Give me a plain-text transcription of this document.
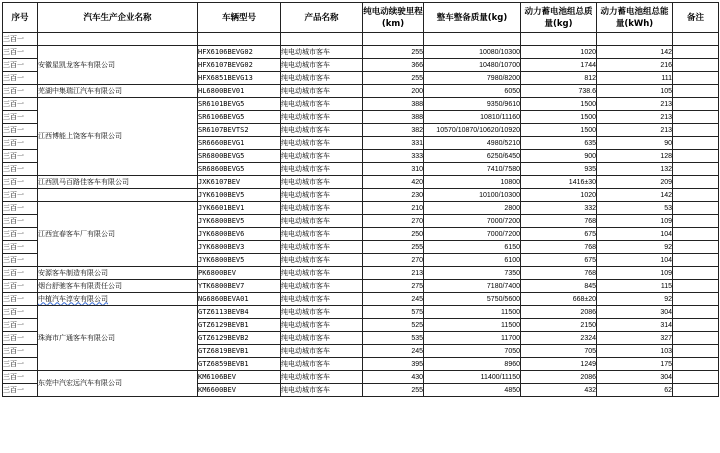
序号	汽车生产企业名称	车辆型号	产品名称	纯电动续驶里程(km)	整车整备质量(kg)	动力蓄电池组总质量(kg)	动力蓄电池组总能量(kWh)	备注
三百一								
三百一	安徽星凯龙客车有限公司	HFX6106BEVG02	纯电动城市客车	255	10080/10300	1020	142	
三百一		HFX6107BEVG02	纯电动城市客车	366	10480/10700	1744	216	
三百一		HFX6851BEVG13	纯电动城市客车	255	7980/8200	812	111	
三百一	芜湖中集瑞江汽车有限公司	HL6800BEV01	纯电动城市客车	200	6050	738.6	105	
三百一	江西博能上饶客车有限公司	SR6101BEVG5	纯电动城市客车	388	9350/9610	1500	213	
三百一		SR6106BEVG5	纯电动城市客车	388	10810/11160	1500	213	
三百一		SR6107BEVTS2	纯电动城市客车	382	10570/10870/10620/10920	1500	213	
三百一		SR6660BEVG1	纯电动城市客车	331	4980/5210	635	90	
三百一		SR6800BEVG5	纯电动城市客车	333	6250/6450	900	128	
三百一		SR6860BEVG5	纯电动城市客车	310	7410/7580	935	132	
三百一	江西凯马百路佳客车有限公司	JXK6107BEV	纯电动城市客车	420	10800	1416±30	209	
三百一		JYK6100BEV5	纯电动城市客车	230	10100/10300	1020	142	
三百一	江西宜春客车厂有限公司	JYK6601BEV1	纯电动城市客车	210	2800	332	53	
三百一		JYK6800BEV5	纯电动城市客车	270	7000/7200	768	109	
三百一		JYK6800BEV6	纯电动城市客车	250	7000/7200	675	104	
三百一		JYK6800BEV3	纯电动城市客车	255	6150	768	92	
三百一		JYK6800BEV5	纯电动城市客车	270	6100	675	104	
三百一	安源客车制造有限公司	PK6800BEV	纯电动城市客车	213	7350	768	109	
三百一	烟台舒驰客车有限责任公司	YTK6800BEV7	纯电动城市客车	275	7180/7400	845	115	
三百一	中植汽车淳安有限公司	NG6860BEVA01	纯电动城市客车	245	5750/5600	668±20	92	
三百一	珠海市广通客车有限公司	GTZ6113BEVB4	纯电动城市客车	575	11500	2086	304	
三百一		GTZ6129BEVB1	纯电动城市客车	525	11500	2150	314	
三百一		GTZ6129BEVB2	纯电动城市客车	535	11700	2324	327	
三百一		GTZ6819BEVB1	纯电动城市客车	245	7050	705	103	
三百一		GTZ6859BEVB1	纯电动城市客车	395	8960	1249	175	
三百一	东莞中汽宏远汽车有限公司	KM6106BEV	纯电动城市客车	430	11400/11150	2086	304	
三百一		KM6600BEV	纯电动城市客车	255	4850	432	62	
